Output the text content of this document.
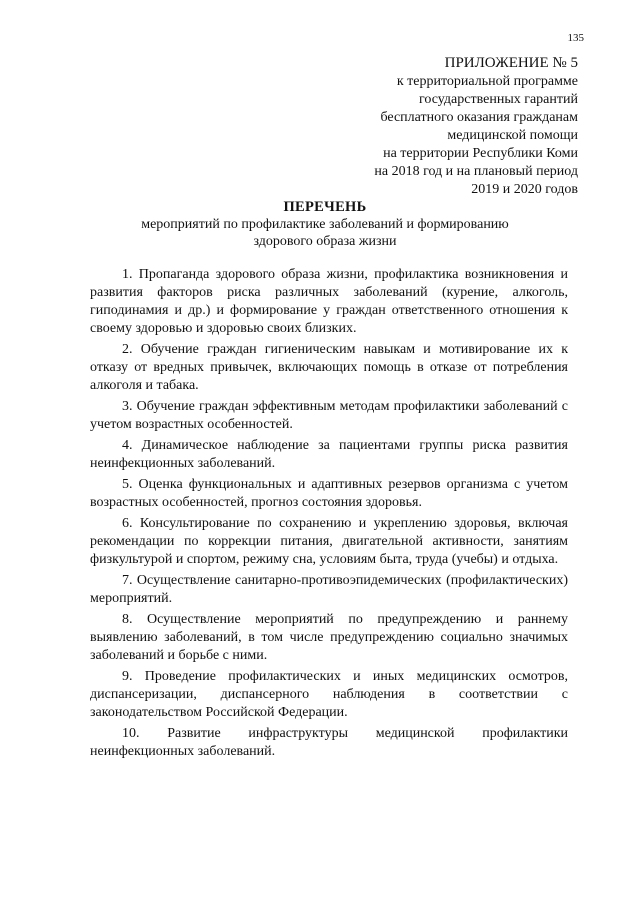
135
ПРИЛОЖЕНИЕ № 5
к территориальной программе
государственных гарантий
бесплатного оказания гражданам
медицинской помощи
на территории Республики Коми
на 2018 год и на плановый период
2019 и 2020 годов
ПЕРЕЧЕНЬ
мероприятий по профилактике заболеваний и формированию
здорового образа жизни

1. Пропаганда здорового образа жизни, профилактика возникновения и развития факторов риска различных заболеваний (курение, алкоголь, гиподинамия и др.) и формирование у граждан ответственного отношения к своему здоровью и здоровью своих близких.

2. Обучение граждан гигиеническим навыкам и мотивирование их к отказу от вредных привычек, включающих помощь в отказе от потребления алкоголя и табака.

3. Обучение граждан эффективным методам профилактики заболеваний с учетом возрастных особенностей.

4. Динамическое наблюдение за пациентами группы риска развития неинфекционных заболеваний.

5. Оценка функциональных и адаптивных резервов организма с учетом возрастных особенностей, прогноз состояния здоровья.

6. Консультирование по сохранению и укреплению здоровья, включая рекомендации по коррекции питания, двигательной активности, занятиям физкультурой и спортом, режиму сна, условиям быта, труда (учебы) и отдыха.

7. Осуществление санитарно-противоэпидемических (профилактических) мероприятий.

8. Осуществление мероприятий по предупреждению и раннему выявлению заболеваний, в том числе предупреждению социально значимых заболеваний и борьбе с ними.

9. Проведение профилактических и иных медицинских осмотров, диспансеризации, диспансерного наблюдения в соответствии с законодательством Российской Федерации.

10. Развитие инфраструктуры медицинской профилактики неинфекционных заболеваний.
